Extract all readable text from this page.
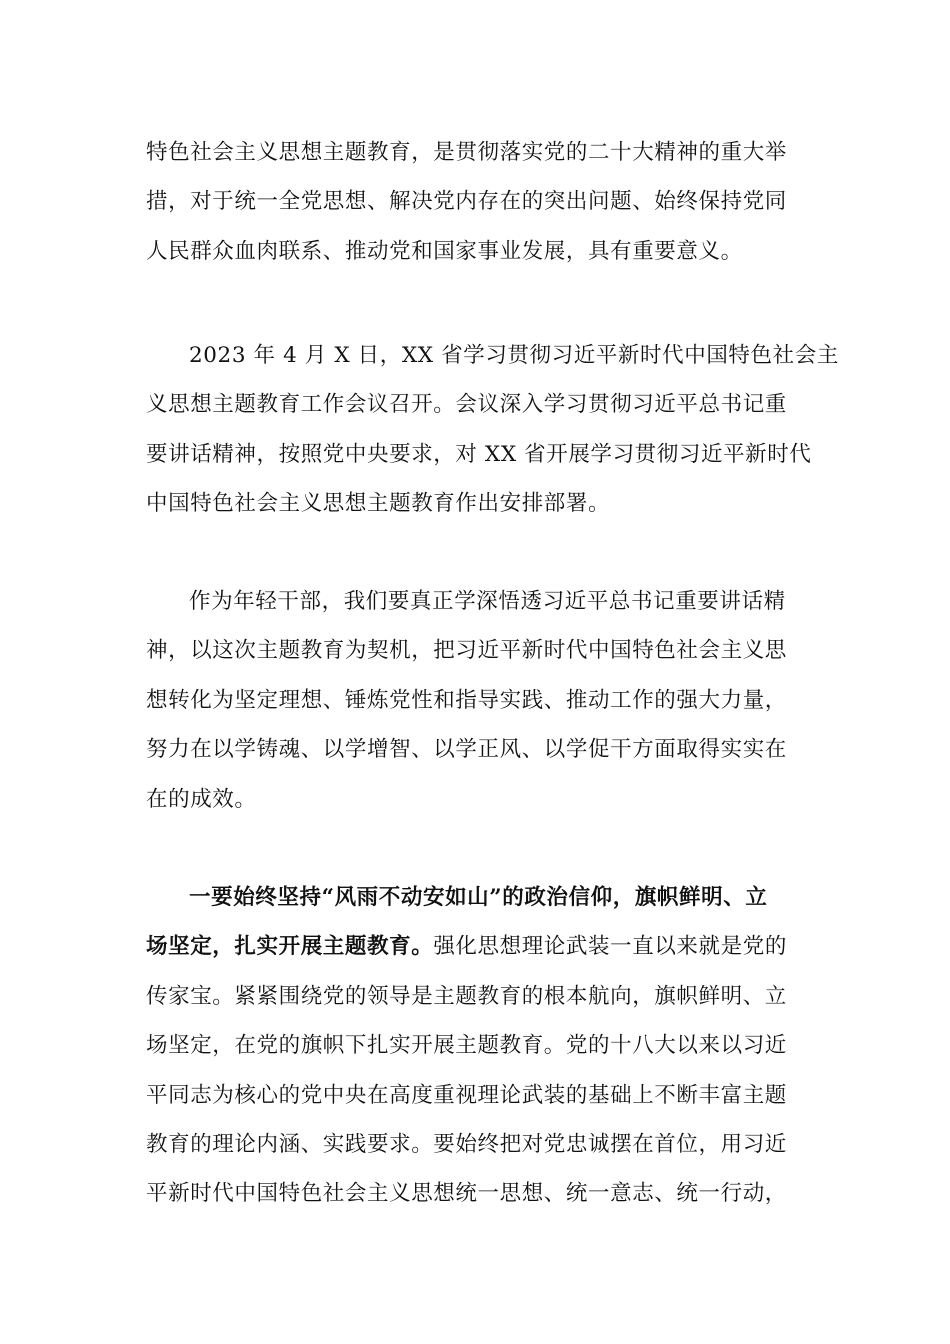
特色社会主义思想主题教育，是贯彻落实党的二十大精神的重大举
措，对于统一全党思想、解决党内存在的突出问题、始终保持党同
人民群众血肉联系、推动党和国家事业发展，具有重要意义。
2023 年 4 月 X 日，XX 省学习贯彻习近平新时代中国特色社会主
义思想主题教育工作会议召开。会议深入学习贯彻习近平总书记重
要讲话精神，按照党中央要求，对 XX 省开展学习贯彻习近平新时代
中国特色社会主义思想主题教育作出安排部署。
作为年轻干部，我们要真正学深悟透习近平总书记重要讲话精
神，以这次主题教育为契机，把习近平新时代中国特色社会主义思
想转化为坚定理想、锤炼党性和指导实践、推动工作的强大力量，
努力在以学铸魂、以学增智、以学正风、以学促干方面取得实实在
在的成效。
一要始终坚持“风雨不动安如山”的政治信仰，旗帜鲜明、立
场坚定，扎实开展主题教育。强化思想理论武装一直以来就是党的
传家宝。紧紧围绕党的领导是主题教育的根本航向，旗帜鲜明、立
场坚定，在党的旗帜下扎实开展主题教育。党的十八大以来以习近
平同志为核心的党中央在高度重视理论武装的基础上不断丰富主题
教育的理论内涵、实践要求。要始终把对党忠诚摆在首位，用习近
平新时代中国特色社会主义思想统一思想、统一意志、统一行动，
